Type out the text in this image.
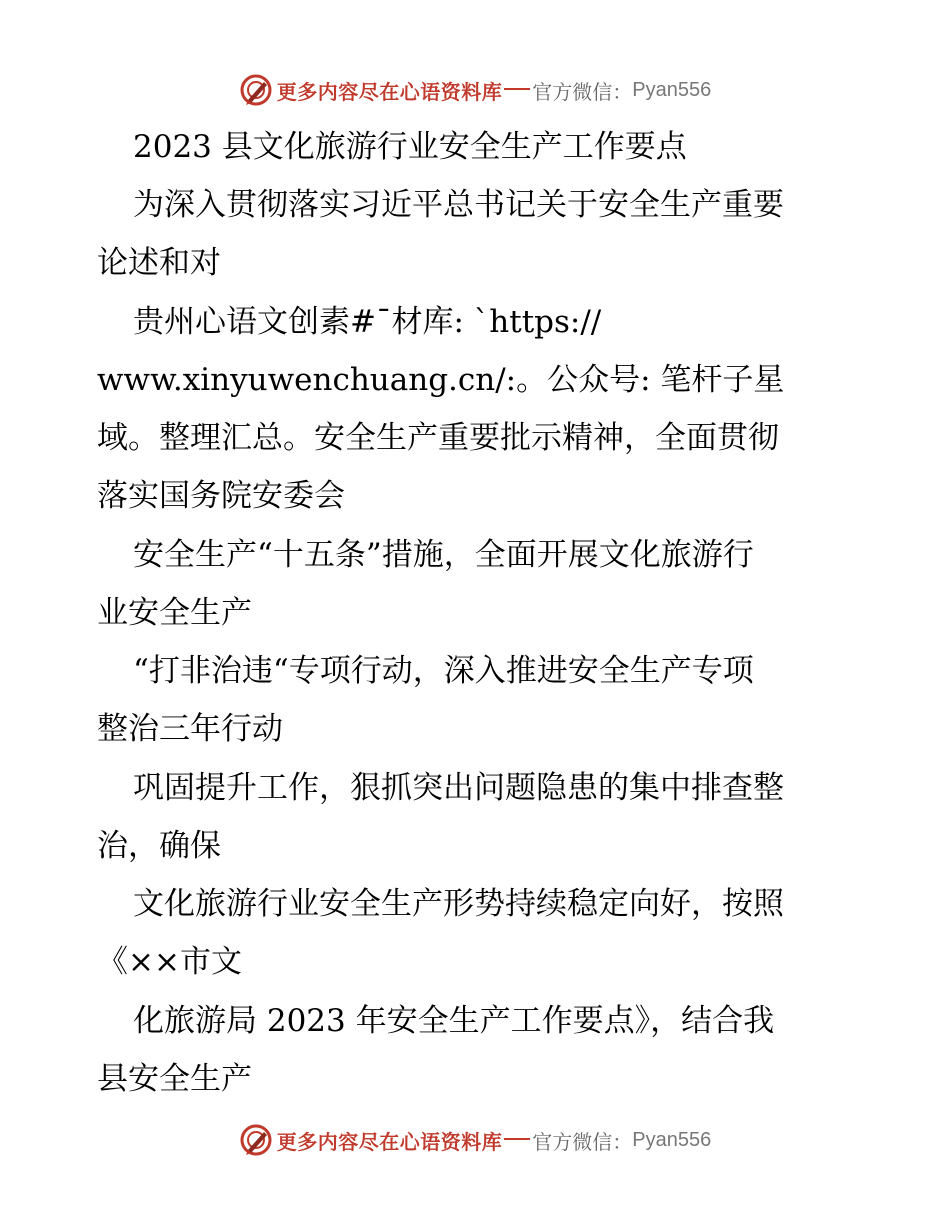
更多内容尽在心语资料库 官方微信： Pyan556
2023 县文化旅游行业安全生产工作要点
为深入贯彻落实习近平总书记关于安全生产重要
论述和对
贵州心语文创素#¯材库: `https://
www.xinyuwenchuang.cn/:。公众号: 笔杆子星
域。整理汇总。安全生产重要批示精神，全面贯彻
落实国务院安委会
安全生产“十五条”措施，全面开展文化旅游行
业安全生产
“打非治违“专项行动，深入推进安全生产专项
整治三年行动
巩固提升工作，狠抓突出问题隐患的集中排查整
治，确保
文化旅游行业安全生产形势持续稳定向好，按照
《××市文
化旅游局 2023 年安全生产工作要点》，结合我
县安全生产
更多内容尽在心语资料库 官方微信： Pyan556
